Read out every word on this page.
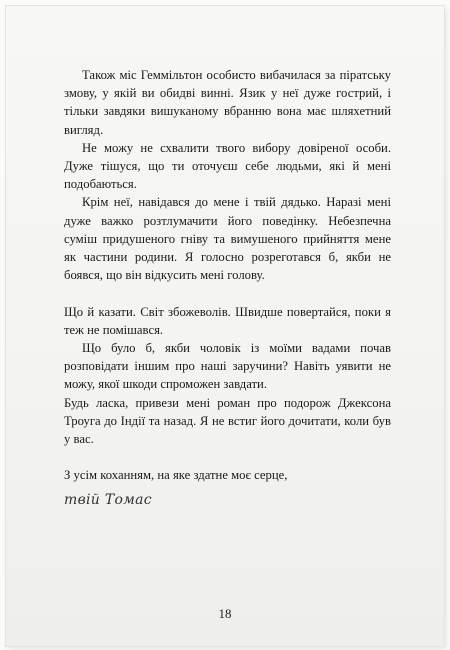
Також міс Геммільтон особисто вибачилася за піратську змову, у якій ви обидві винні. Язик у неї дуже гострий, і тільки завдяки вишуканому вбранню вона має шляхетний вигляд.

Не можу не схвалити твого вибору довіреної особи. Дуже тішуся, що ти оточуєш себе людьми, які й мені подобаються.

Крім неї, навідався до мене і твій дядько. Наразі мені дуже важко розтлумачити його поведінку. Небезпечна суміш придушеного гніву та вимушеного прийняття мене як частини родини. Я голосно розреготався б, якби не боявся, що він відкусить мені голову.

Що й казати. Світ збожеволів. Швидше повертайся, поки я теж не помішався.

Що було б, якби чоловік із моїми вадами почав розповідати іншим про наші заручини? Навіть уявити не можу, якої шкоди спроможен завдати.

Будь ласка, привези мені роман про подорож Джексона Троуга до Індії та назад. Я не встиг його дочитати, коли був у вас.

З усім коханням, на яке здатне моє серце,

твій Томас

18
